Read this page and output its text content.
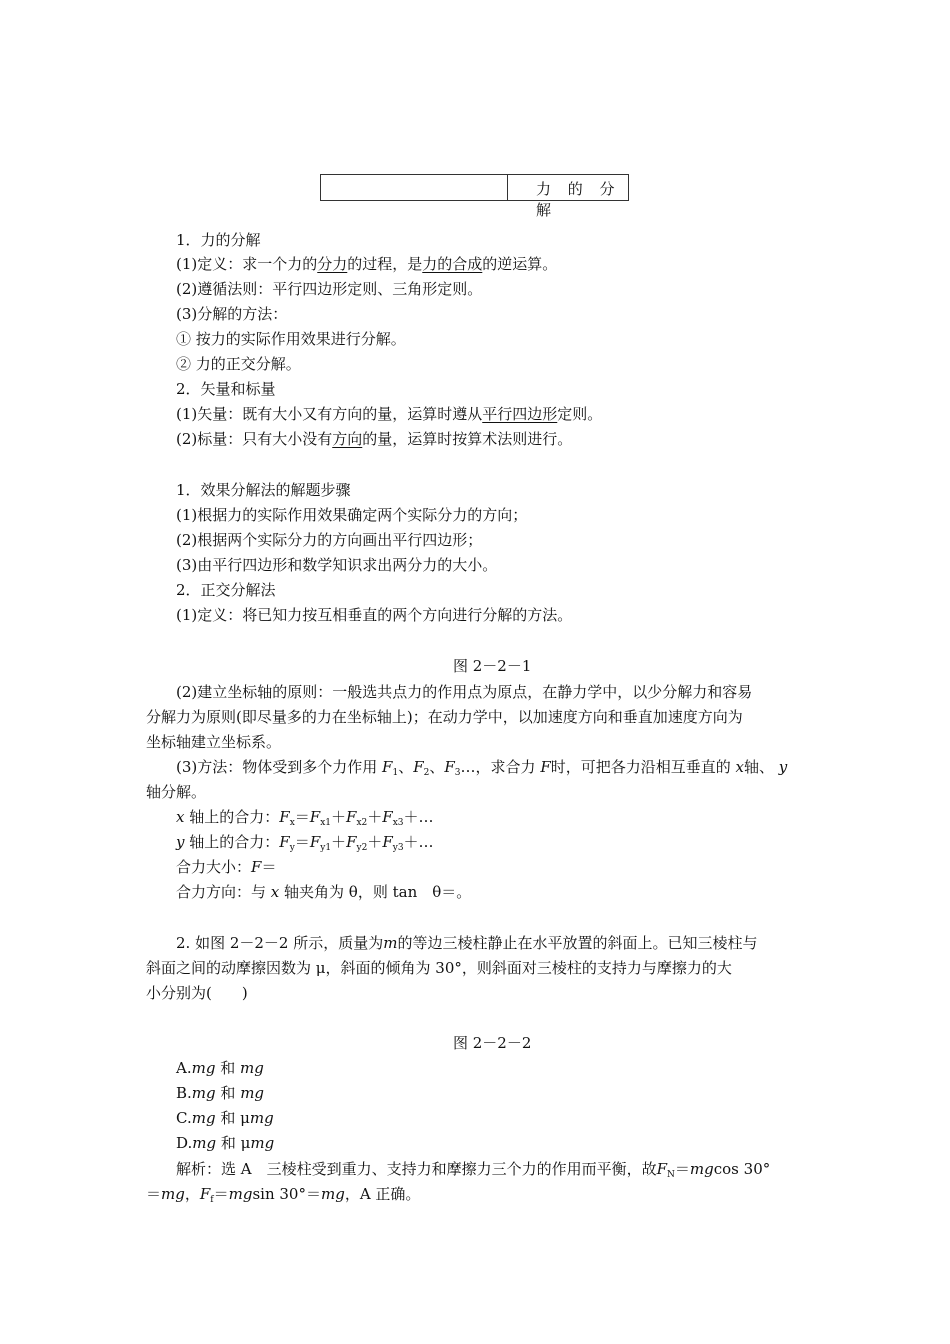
力 的 分 解
1．力的分解
(1)定义：求一个力的分力的过程，是力的合成的逆运算。
(2)遵循法则：平行四边形定则、三角形定则。
(3)分解的方法：
① 按力的实际作用效果进行分解。
② 力的正交分解。
2．矢量和标量
(1)矢量：既有大小又有方向的量，运算时遵从平行四边形定则。
(2)标量：只有大小没有方向的量，运算时按算术法则进行。
1．效果分解法的解题步骤
(1)根据力的实际作用效果确定两个实际分力的方向；
(2)根据两个实际分力的方向画出平行四边形；
(3)由平行四边形和数学知识求出两分力的大小。
2．正交分解法
(1)定义：将已知力按互相垂直的两个方向进行分解的方法。
图 2－2－1
(2)建立坐标轴的原则：一般选共点力的作用点为原点，在静力学中，以少分解力和容易
分解力为原则(即尽量多的力在坐标轴上)；在动力学中，以加速度方向和垂直加速度方向为
坐标轴建立坐标系。
(3)方法：物体受到多个力作用 $F_1$、$F_2$、$F_3\dots$，求合力 F时，可把各力沿相互垂直的 x轴、 y
轴分解。
x 轴上的合力：$F_x=F_{x1}+F_{x2}+F_{x3}+\dots$
y 轴上的合力：$F_y=F_{y1}+F_{y2}+F_{y3}+\dots$
合力大小：F＝
合力方向：与 x 轴夹角为 θ，则 tan　θ＝。
2. 如图 2－2－2 所示，质量为m的等边三棱柱静止在水平放置的斜面上。已知三棱柱与
斜面之间的动摩擦因数为 μ，斜面的倾角为 30°，则斜面对三棱柱的支持力与摩擦力的大
小分别为(　　)
图 2－2－2
A.mg 和 mg
B.mg 和 mg
C.mg 和 μmg
D.mg 和 μmg
解析：选 A　三棱柱受到重力、支持力和摩擦力三个力的作用而平衡，故$F_N=mgcos$ 30°
＝mg，$F_f=mgsin$ 30°＝mg，A 正确。
